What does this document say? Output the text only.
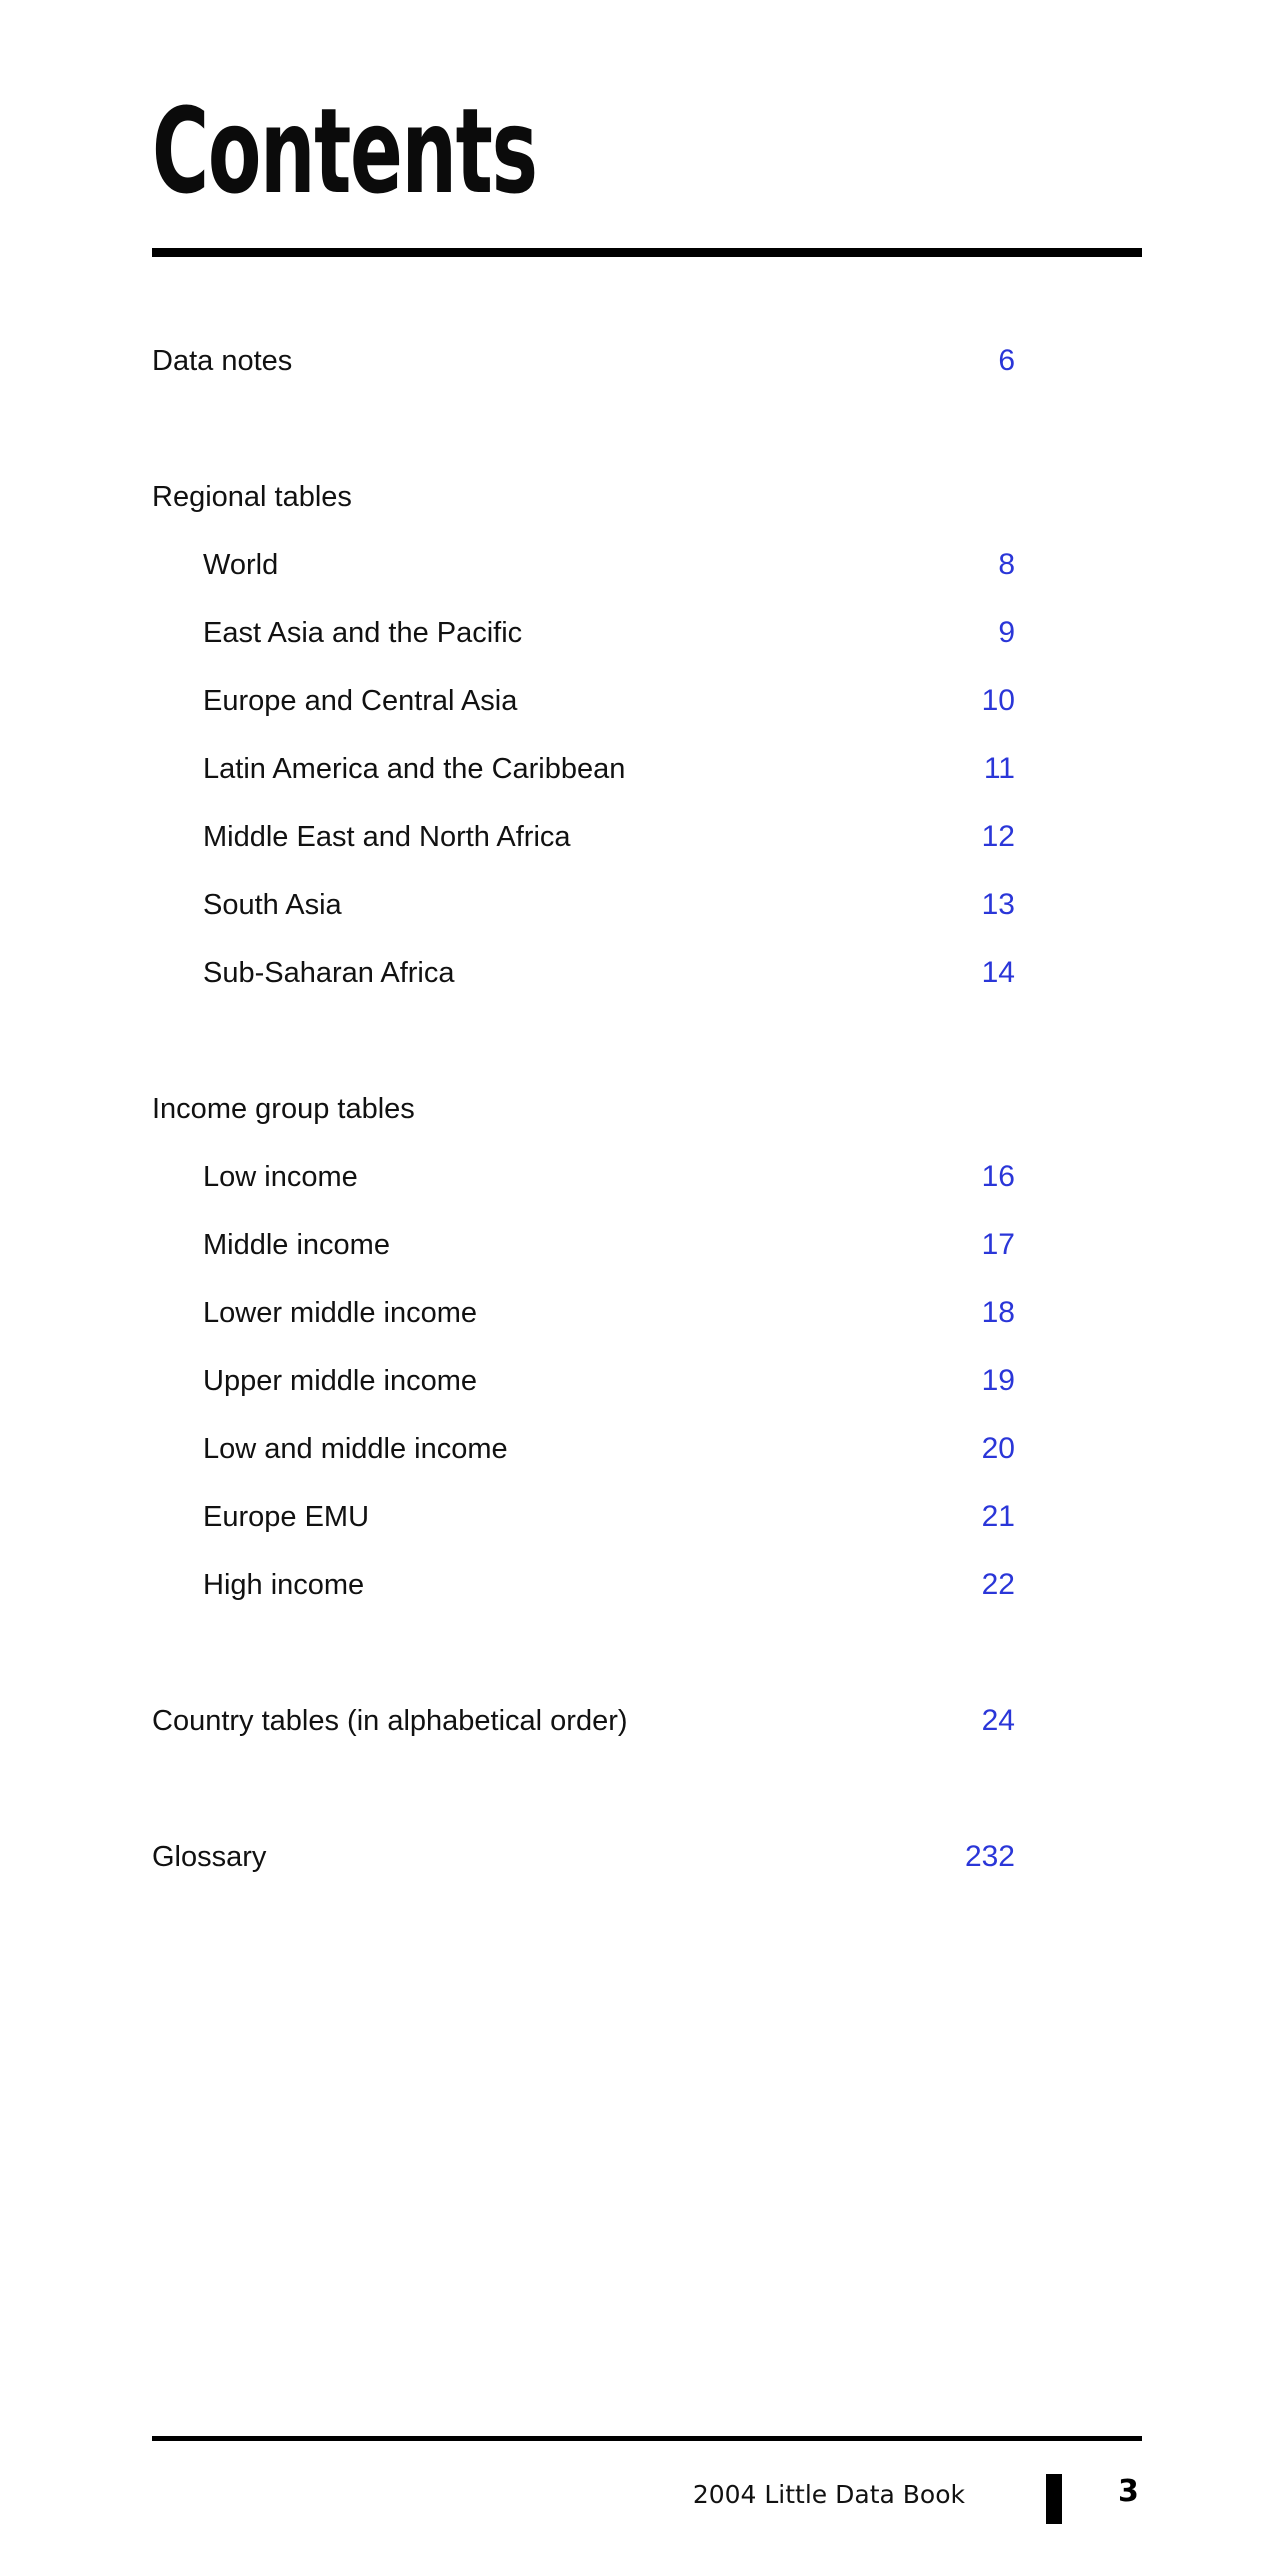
Contents
Data notes	6
Regional tables
World	8
East Asia and the Pacific	9
Europe and Central Asia	10
Latin America and the Caribbean	11
Middle East and North Africa	12
South Asia	13
Sub-Saharan Africa	14
Income group tables
Low income	16
Middle income	17
Lower middle income	18
Upper middle income	19
Low and middle income	20
Europe EMU	21
High income	22
Country tables (in alphabetical order)	24
Glossary	232
2004 Little Data Book	3
